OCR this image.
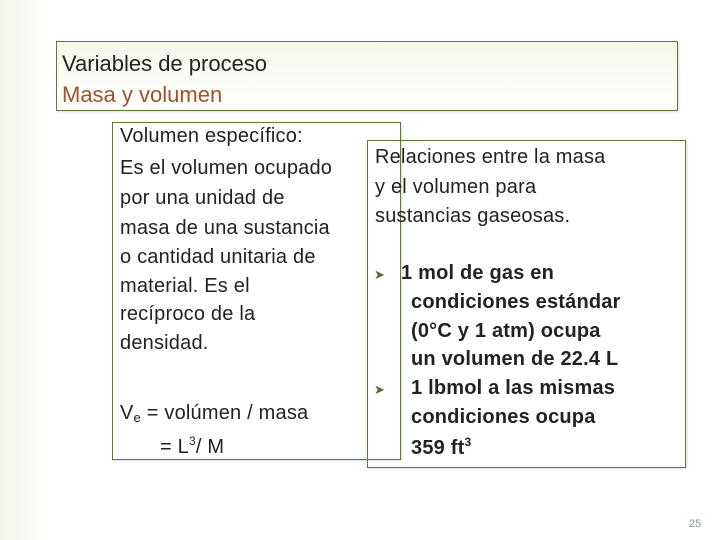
Variables de proceso
Masa y volumen
Volumen específico:
Es el volumen ocupado
por una unidad de
masa de una sustancia
o cantidad unitaria de
material. Es el
recíproco de la
densidad.
$V_e$ = volúmen / masa
= $L^3/$ M
Relaciones entre la masa
y el volumen para
sustancias gaseosas.
➤ 1 mol de gas en
condiciones estándar
(0°C y 1 atm) ocupa
un volumen de 22.4 L
➤ 1 lbmol a las mismas
condiciones ocupa
359 $ft^3$
25
